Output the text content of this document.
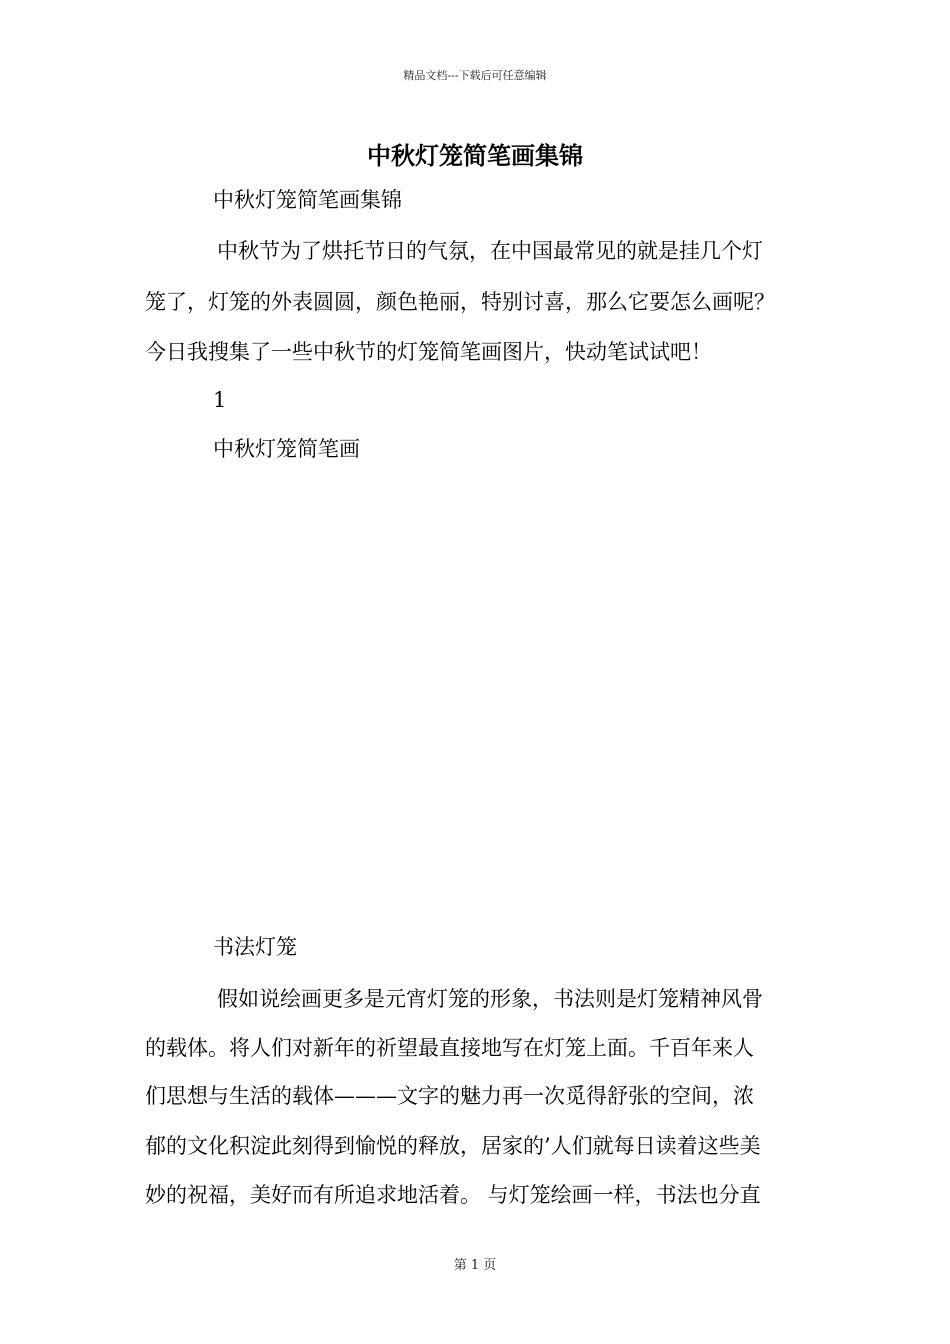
精品文档---下载后可任意编辑
中秋灯笼简笔画集锦
中秋灯笼简笔画集锦
中秋节为了烘托节日的气氛，在中国最常见的就是挂几个灯
笼了，灯笼的外表圆圆，颜色艳丽，特别讨喜，那么它要怎么画呢？
今日我搜集了一些中秋节的灯笼简笔画图片，快动笔试试吧！
1
中秋灯笼简笔画
书法灯笼
假如说绘画更多是元宵灯笼的形象，书法则是灯笼精神风骨
的载体。将人们对新年的祈望最直接地写在灯笼上面。千百年来人
们思想与生活的载体———文字的魅力再一次觅得舒张的空间，浓
郁的文化积淀此刻得到愉悦的释放，居家的’人们就每日读着这些美
妙的祝福，美好而有所追求地活着。 与灯笼绘画一样，书法也分直
第 1 页
